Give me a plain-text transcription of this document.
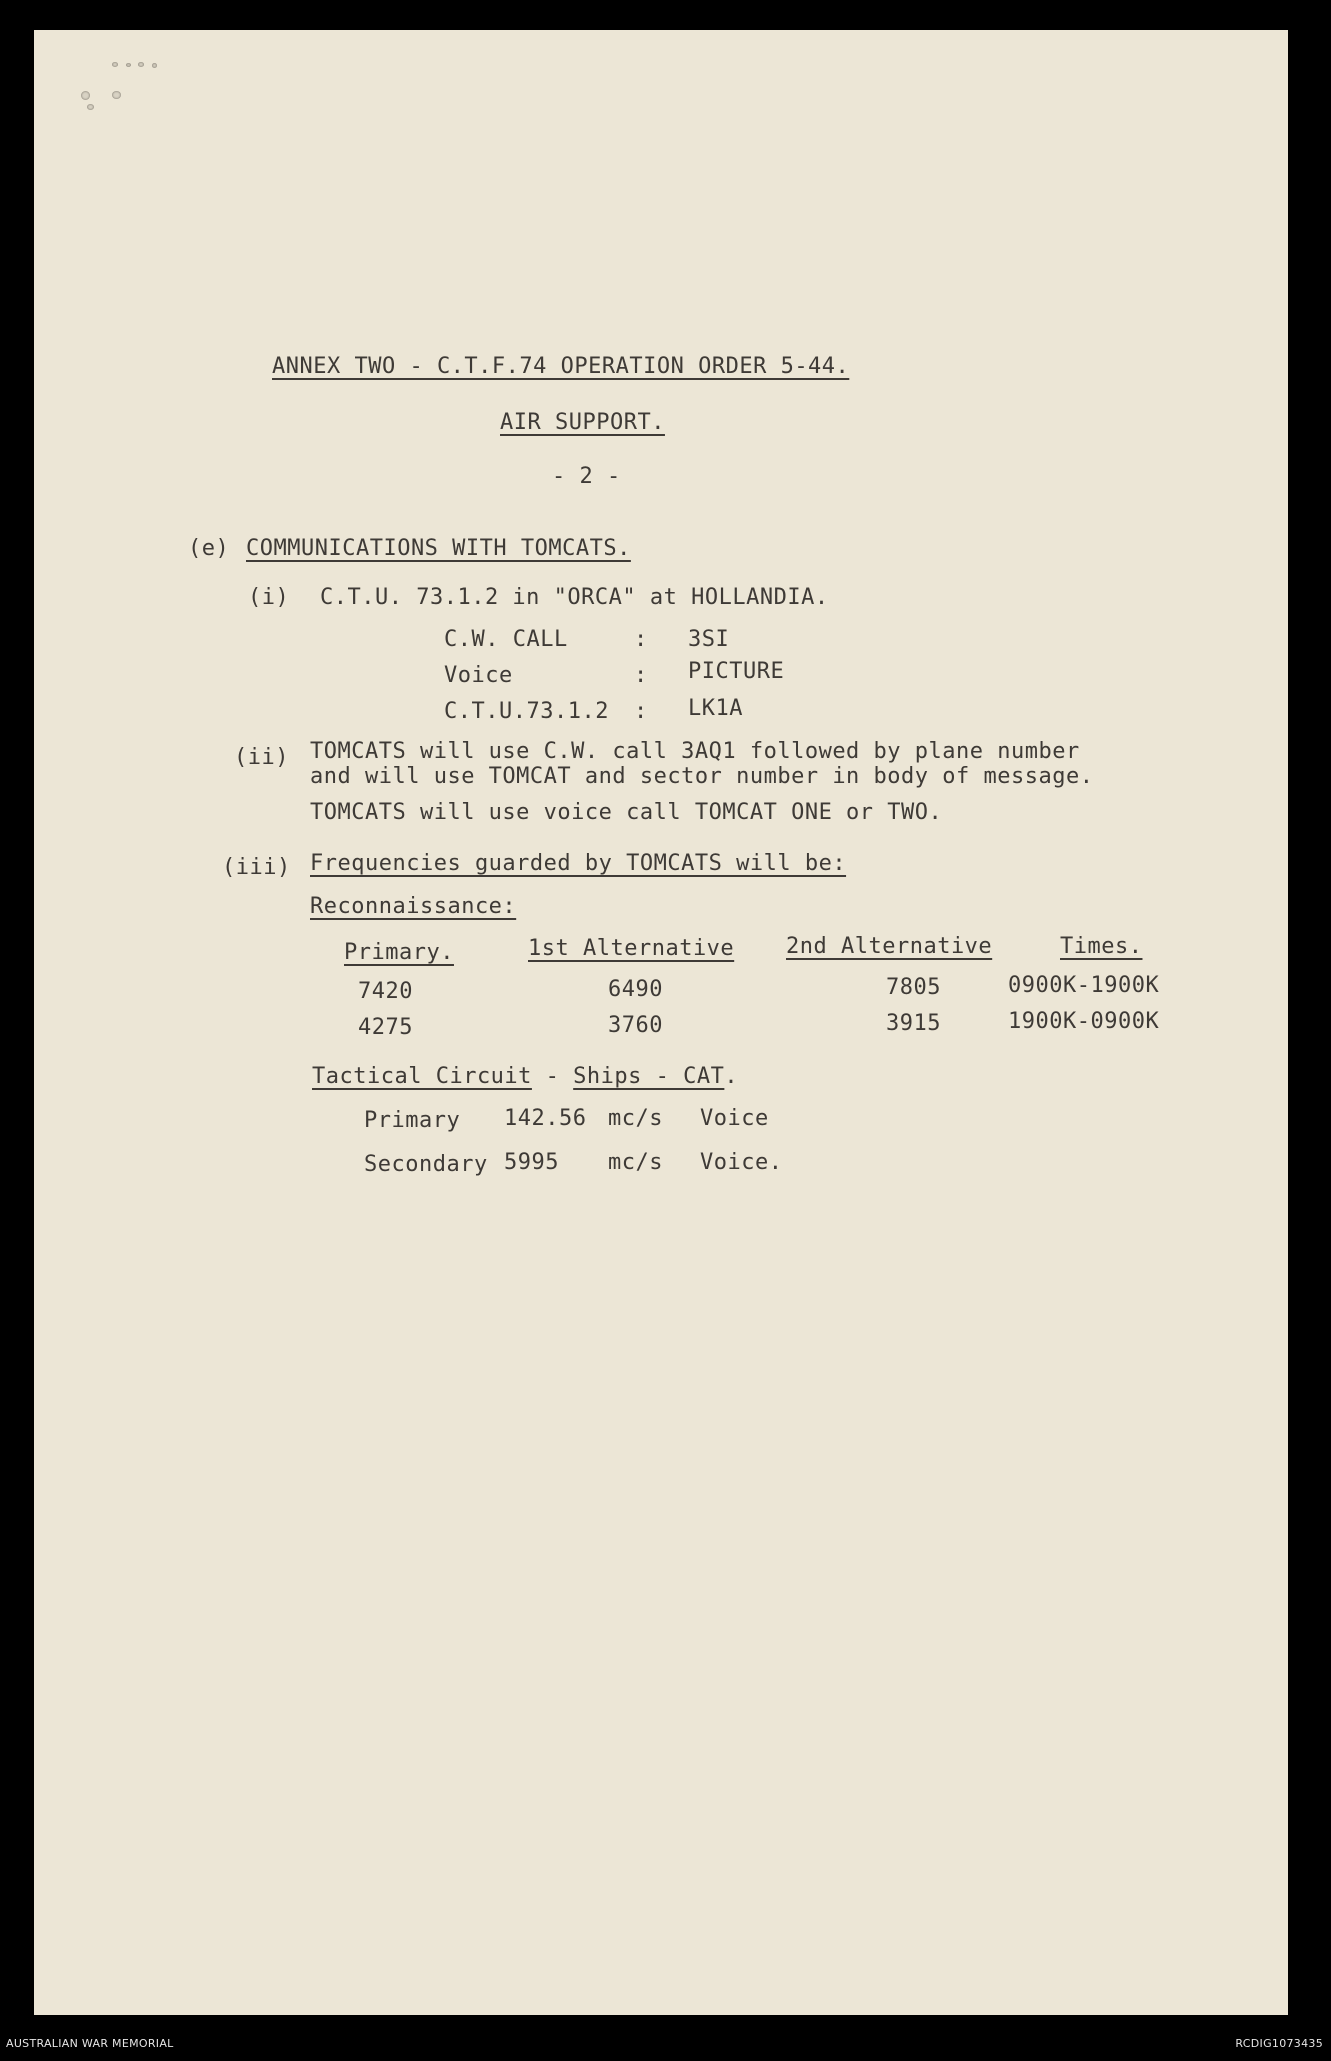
ANNEX TWO - C.T.F.74 OPERATION ORDER 5-44.
AIR SUPPORT.
- 2 -
(e) COMMUNICATIONS WITH TOMCATS.
(i) C.T.U. 73.1.2 in "ORCA" at HOLLANDIA.
C.W. CALL	: 3SI
Voice	: PICTURE
C.T.U.73.1.2 : LK1A
(ii) TOMCATS will use C.W. call 3AQ1 followed by plane number
and will use TOMCAT and sector number in body of message.
TOMCATS will use voice call TOMCAT ONE or TWO.
(iii) Frequencies guarded by TOMCATS will be:
Reconnaissance:
Primary.	1st Alternative 2nd Alternative	Times.
7420	6490	7805	0900K-1900K
4275	3760	3915	1900K-0900K
Tactical Circuit - Ships - CAT.
Primary 142.56 mc/s Voice
Secondary 5995 mc/s Voice.
AUSTRALIAN WAR MEMORIAL	RCDIG1073435
